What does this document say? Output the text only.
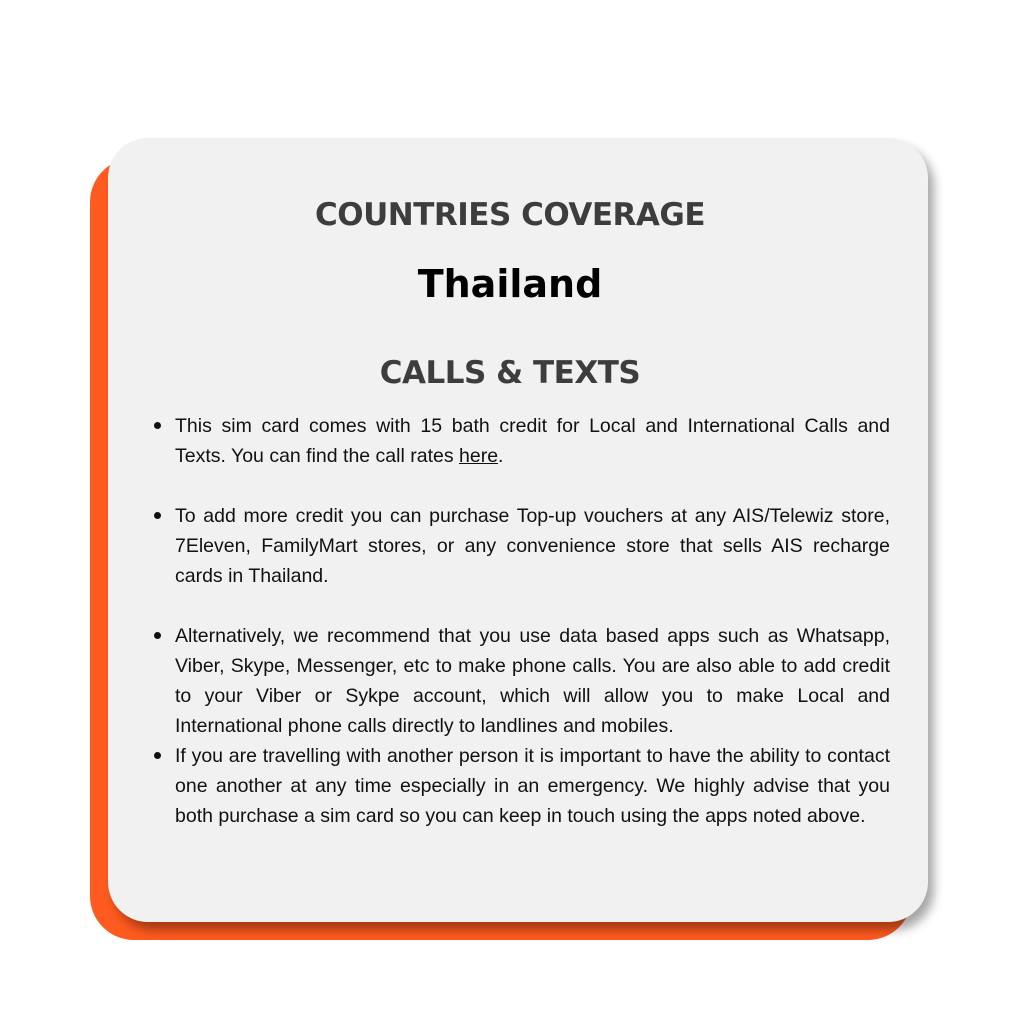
COUNTRIES COVERAGE
Thailand
CALLS & TEXTS
This sim card comes with 15 bath credit for Local and International Calls and Texts. You can find the call rates here.
To add more credit you can purchase Top-up vouchers at any AIS/Telewiz store, 7Eleven, FamilyMart stores, or any convenience store that sells AIS recharge cards in Thailand.
Alternatively, we recommend that you use data based apps such as Whatsapp, Viber, Skype, Messenger, etc to make phone calls. You are also able to add credit to your Viber or Sykpe account, which will allow you to make Local and International phone calls directly to landlines and mobiles.
If you are travelling with another person it is important to have the ability to contact one another at any time especially in an emergency. We highly advise that you both purchase a sim card so you can keep in touch using the apps noted above.
